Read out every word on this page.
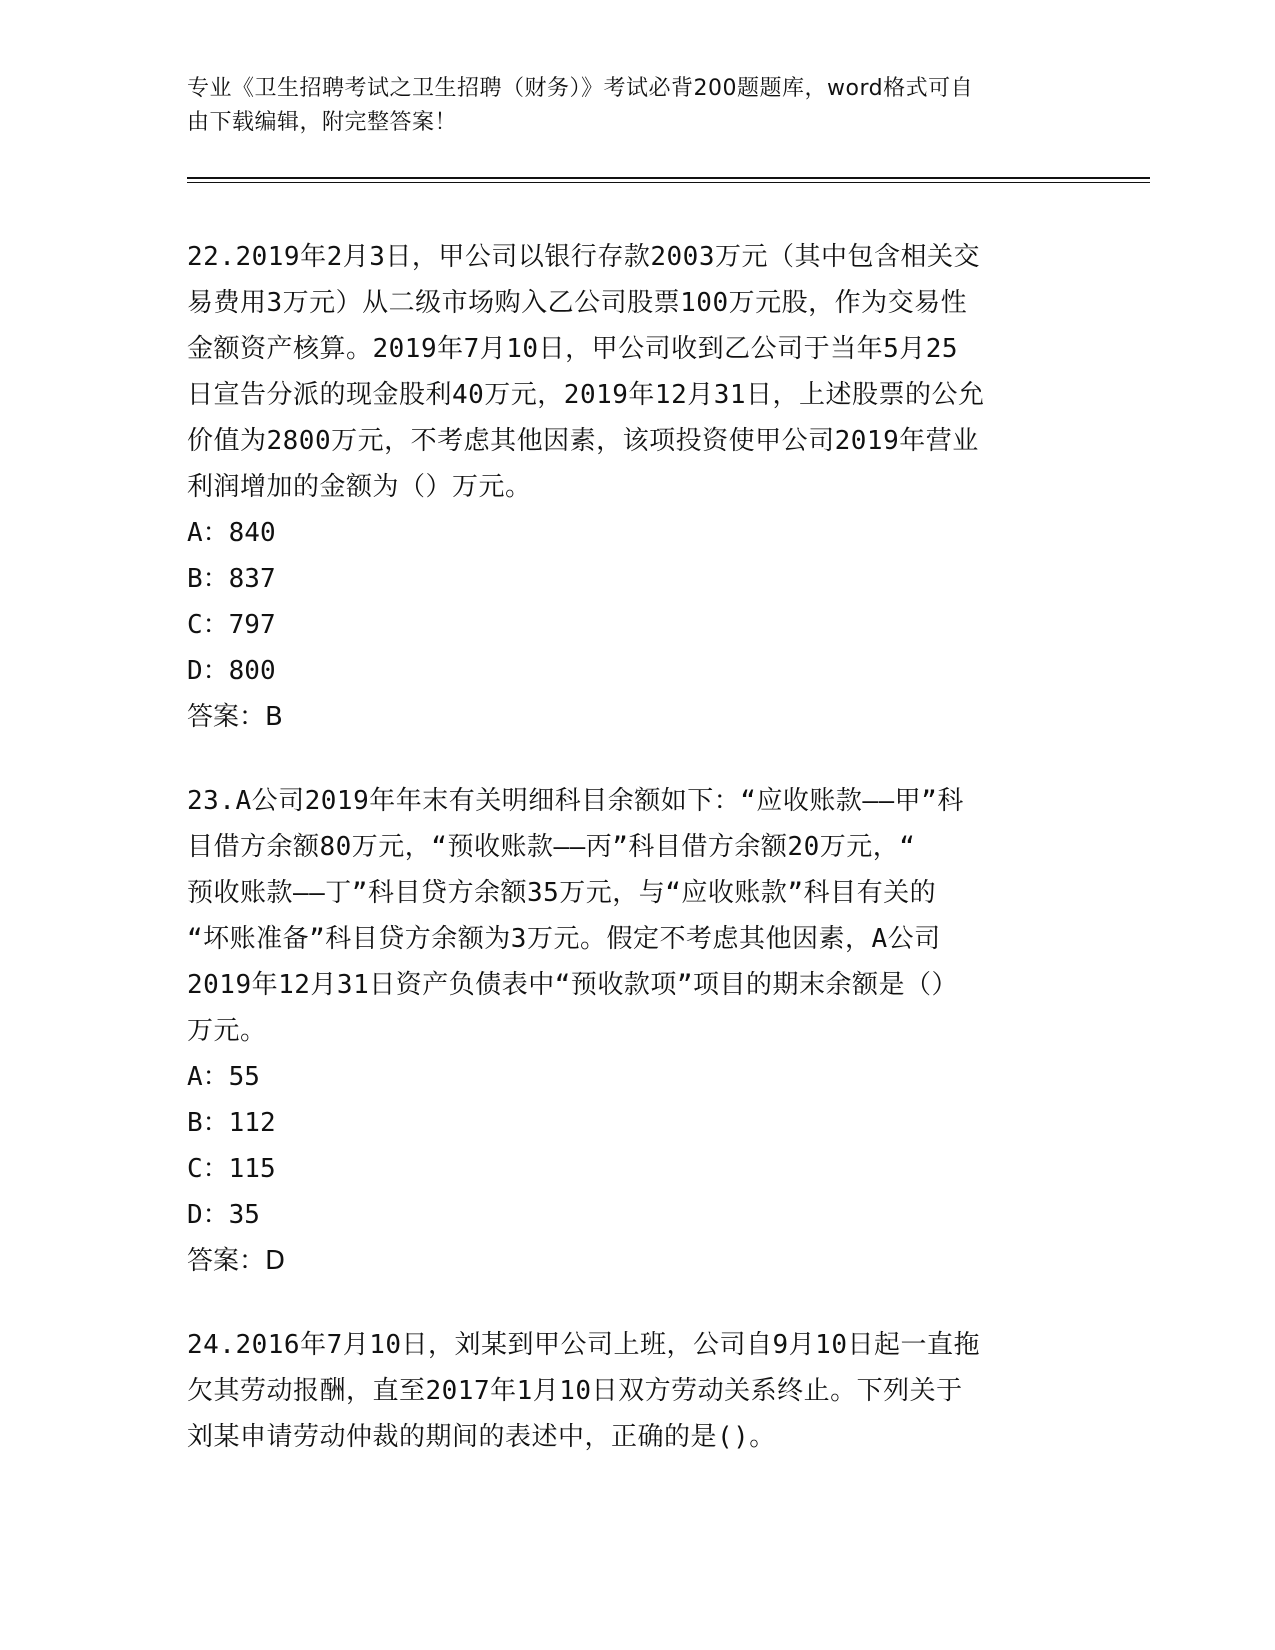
专业《卫生招聘考试之卫生招聘（财务）》考试必背200题题库，word格式可自
由下载编辑，附完整答案！

22.2019年2月3日，甲公司以银行存款2003万元（其中包含相关交

易费用3万元）从二级市场购入乙公司股票100万元股，作为交易性

金额资产核算。2019年7月10日，甲公司收到乙公司于当年5月25

日宣告分派的现金股利40万元，2019年12月31日，上述股票的公允

价值为2800万元，不考虑其他因素，该项投资使甲公司2019年营业

利润增加的金额为（）万元。

A：840

B：837

C：797

D：800

答案：B

23.A公司2019年年末有关明细科目余额如下：“应收账款——甲”科

目借方余额80万元，“预收账款——丙”科目借方余额20万元，“

预收账款——丁”科目贷方余额35万元，与“应收账款”科目有关的

“坏账准备”科目贷方余额为3万元。假定不考虑其他因素，A公司

2019年12月31日资产负债表中“预收款项”项目的期末余额是（）

万元。

A：55

B：112

C：115

D：35

答案：D

24.2016年7月10日，刘某到甲公司上班，公司自9月10日起一直拖

欠其劳动报酬，直至2017年1月10日双方劳动关系终止。下列关于

刘某申请劳动仲裁的期间的表述中，正确的是()。
